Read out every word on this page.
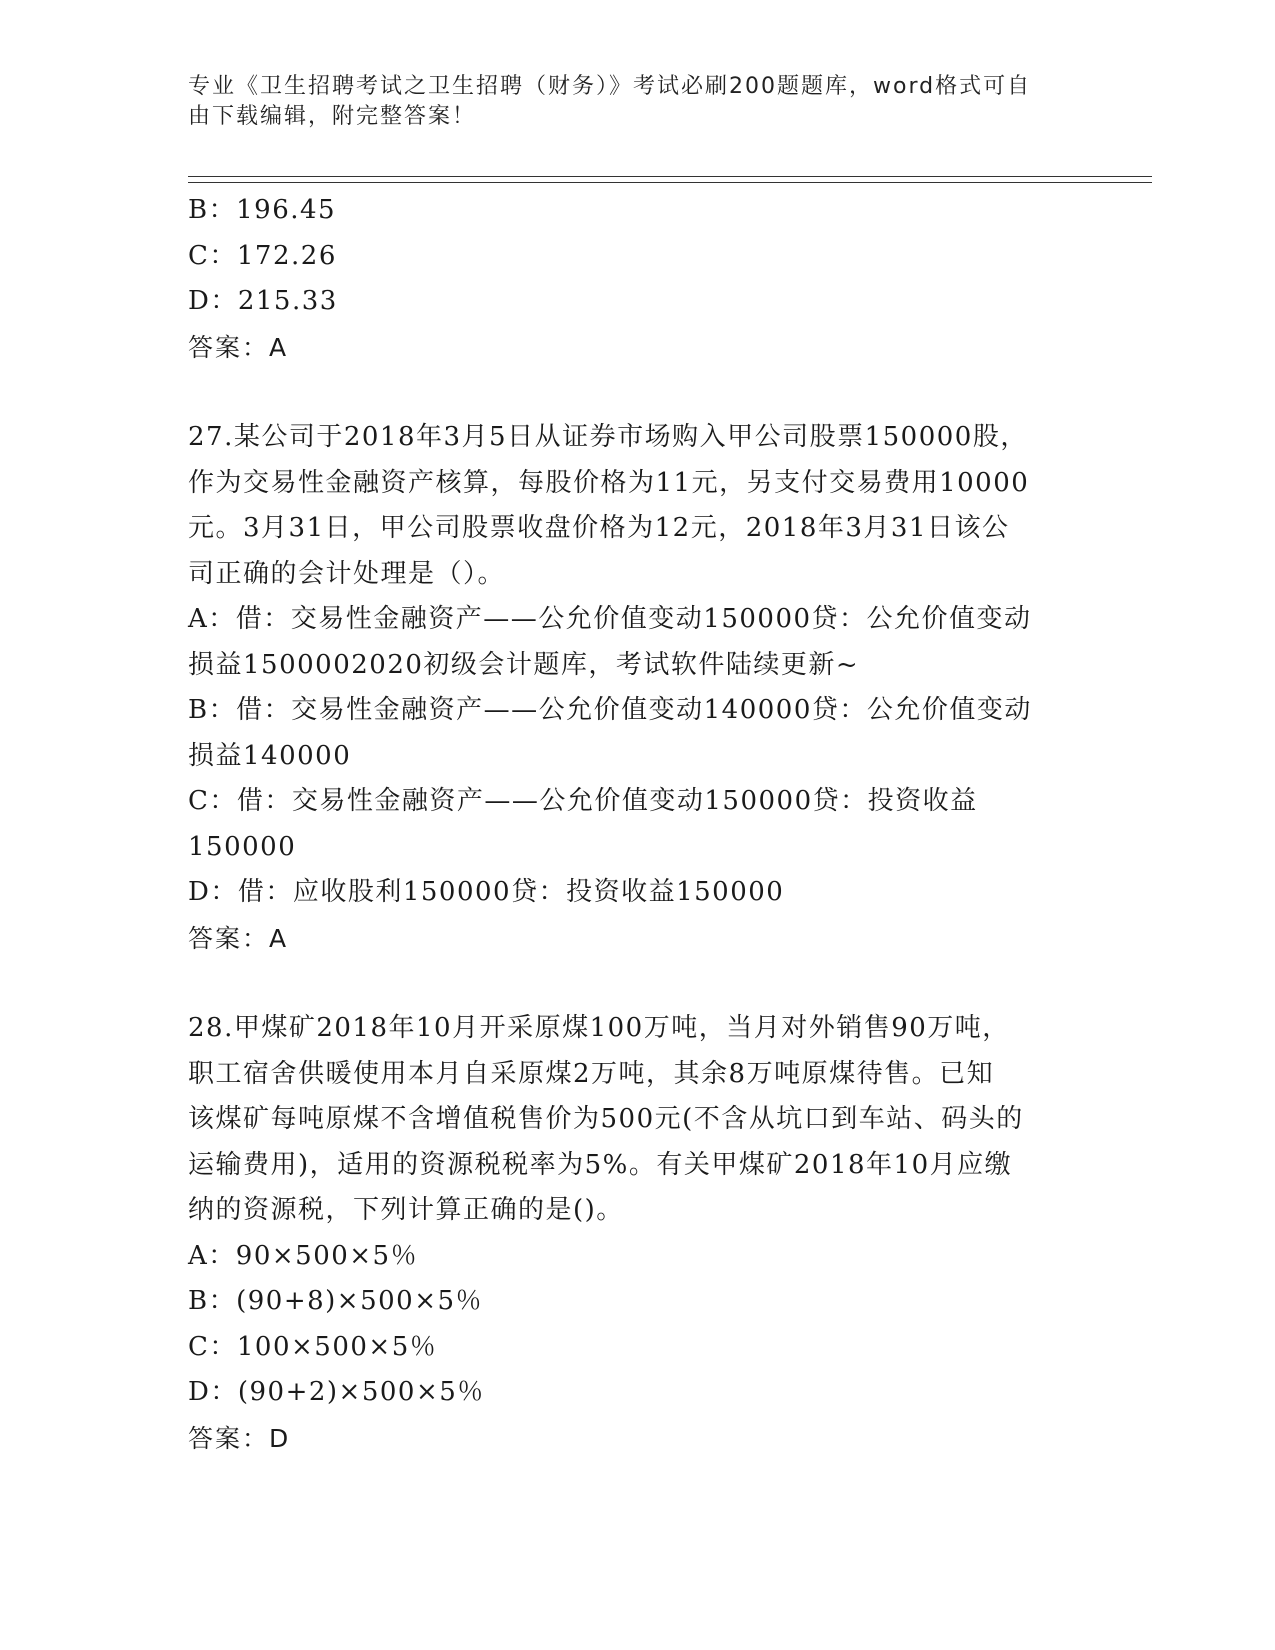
专业《卫生招聘考试之卫生招聘（财务）》考试必刷200题题库，word格式可自
由下载编辑，附完整答案！
B：196.45
C：172.26
D：215.33
答案：A
27.某公司于2018年3月5日从证券市场购入甲公司股票150000股，
作为交易性金融资产核算，每股价格为11元，另支付交易费用10000
元。3月31日，甲公司股票收盘价格为12元，2018年3月31日该公
司正确的会计处理是（）。
A：借：交易性金融资产——公允价值变动150000贷：公允价值变动
损益1500002020初级会计题库，考试软件陆续更新~
B：借：交易性金融资产——公允价值变动140000贷：公允价值变动
损益140000
C：借：交易性金融资产——公允价值变动150000贷：投资收益
150000
D：借：应收股利150000贷：投资收益150000
答案：A
28.甲煤矿2018年10月开采原煤100万吨，当月对外销售90万吨，
职工宿舍供暖使用本月自采原煤2万吨，其余8万吨原煤待售。已知
该煤矿每吨原煤不含增值税售价为500元(不含从坑口到车站、码头的
运输费用)，适用的资源税税率为5%。有关甲煤矿2018年10月应缴
纳的资源税，下列计算正确的是()。
A：90×500×5％
B：(90+8)×500×5％
C：100×500×5％
D：(90+2)×500×5％
答案：D
